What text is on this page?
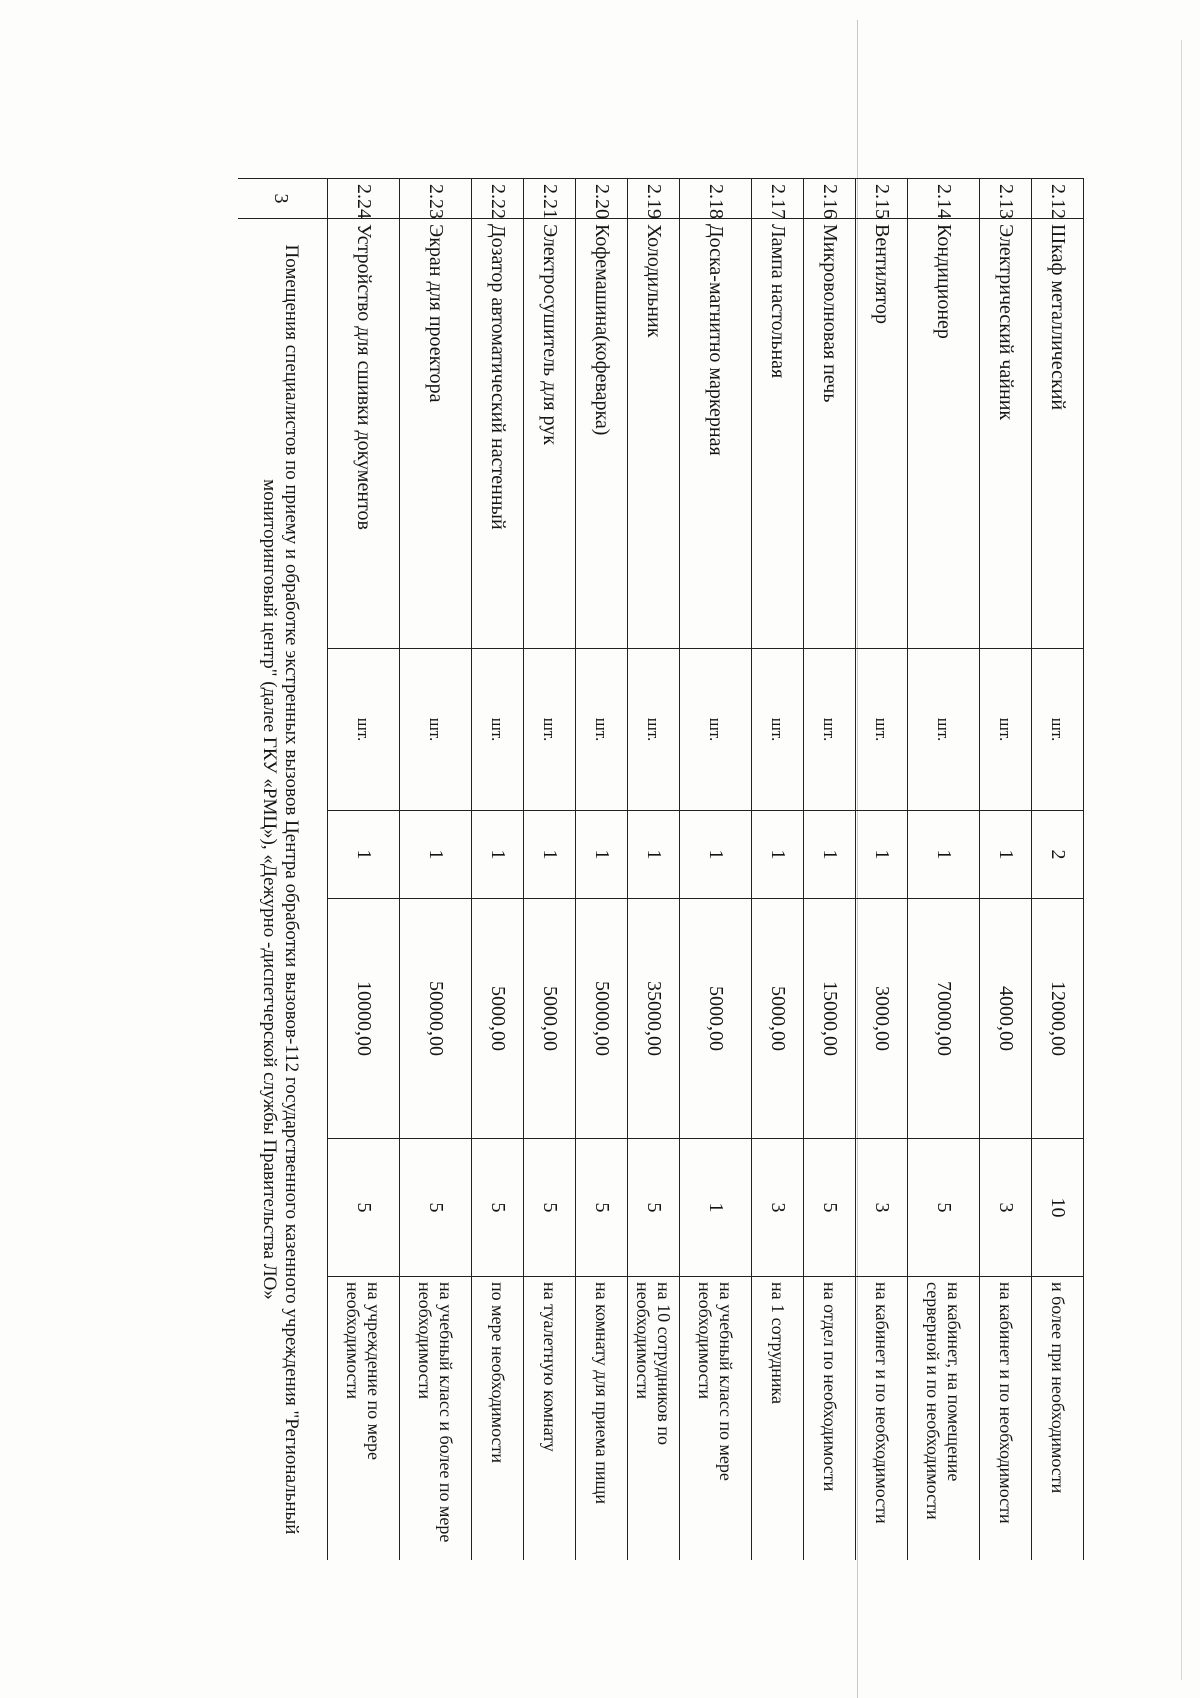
2.12	Шкаф металлический	шт.	2	12000,00	10	и более при необходимости
2.13	Электрический чайник	шт.	1	4000,00	3	на кабинет и по необходимости
2.14	Кондиционер	шт.	1	70000,00	5	на кабинет, на помещение серверной и по необходимости
2.15	Вентилятор	шт.	1	3000,00	3	на кабинет и по необходимости
2.16	Микроволновая печь	шт.	1	15000,00	5	на отдел по необходимости
2.17	Лампа настольная	шт.	1	5000,00	3	на 1 сотрудника
2.18	Доска-магнитно маркерная	шт.	1	5000,00	1	на учебный класс по мере необходимости
2.19	Холодильник	шт.	1	35000,00	5	на 10 сотрудников по необходимости
2.20	Кофемашина(кофеварка)	шт.	1	50000,00	5	на комнату для приема пищи
2.21	Электросушитель для рук	шт.	1	5000,00	5	на туалетную комнату
2.22	Дозатор автоматический настенный	шт.	1	5000,00	5	по мере необходимости
2.23	Экран для проектора	шт.	1	50000,00	5	на учебный класс и более по мере необходимости
2.24	Устройство для сшивки документов	шт.	1	10000,00	5	на учреждение по мере необходимости
3	Помещения специалистов по приему и обработке экстренных вызовов Центра обработки вызовов-112 государственного казенного учреждения "Региональный мониторинговый центр" (далее ГКУ «РМЦ»), «Дежурно -диспетчерской службы Правительства ЛО»					
